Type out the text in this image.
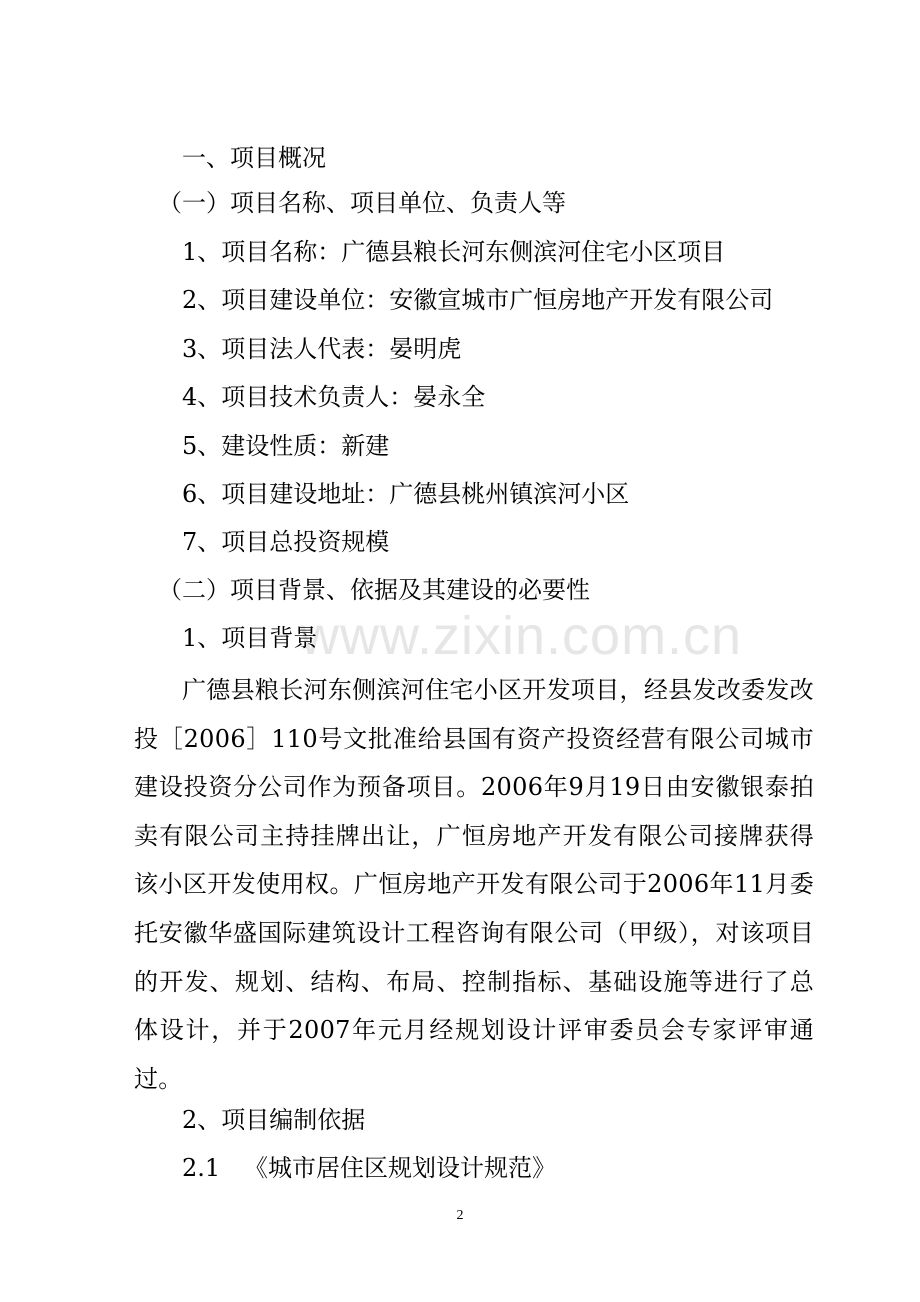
www.zixin.com.cn
一、项目概况
（一）项目名称、项目单位、负责人等
1、项目名称：广德县粮长河东侧滨河住宅小区项目
2、项目建设单位：安徽宣城市广恒房地产开发有限公司
3、项目法人代表：晏明虎
4、项目技术负责人：晏永全
5、建设性质：新建
6、项目建设地址：广德县桃州镇滨河小区
7、项目总投资规模
（二）项目背景、依据及其建设的必要性
1、项目背景
广德县粮长河东侧滨河住宅小区开发项目，经县发改委发改投［2006］110号文批准给县国有资产投资经营有限公司城市建设投资分公司作为预备项目。2006年9月19日由安徽银泰拍卖有限公司主持挂牌出让，广恒房地产开发有限公司接牌获得该小区开发使用权。广恒房地产开发有限公司于2006年11月委托安徽华盛国际建筑设计工程咨询有限公司（甲级），对该项目的开发、规划、结构、布局、控制指标、基础设施等进行了总体设计，并于2007年元月经规划设计评审委员会专家评审通过。
2、项目编制依据
2.1 《城市居住区规划设计规范》
2
